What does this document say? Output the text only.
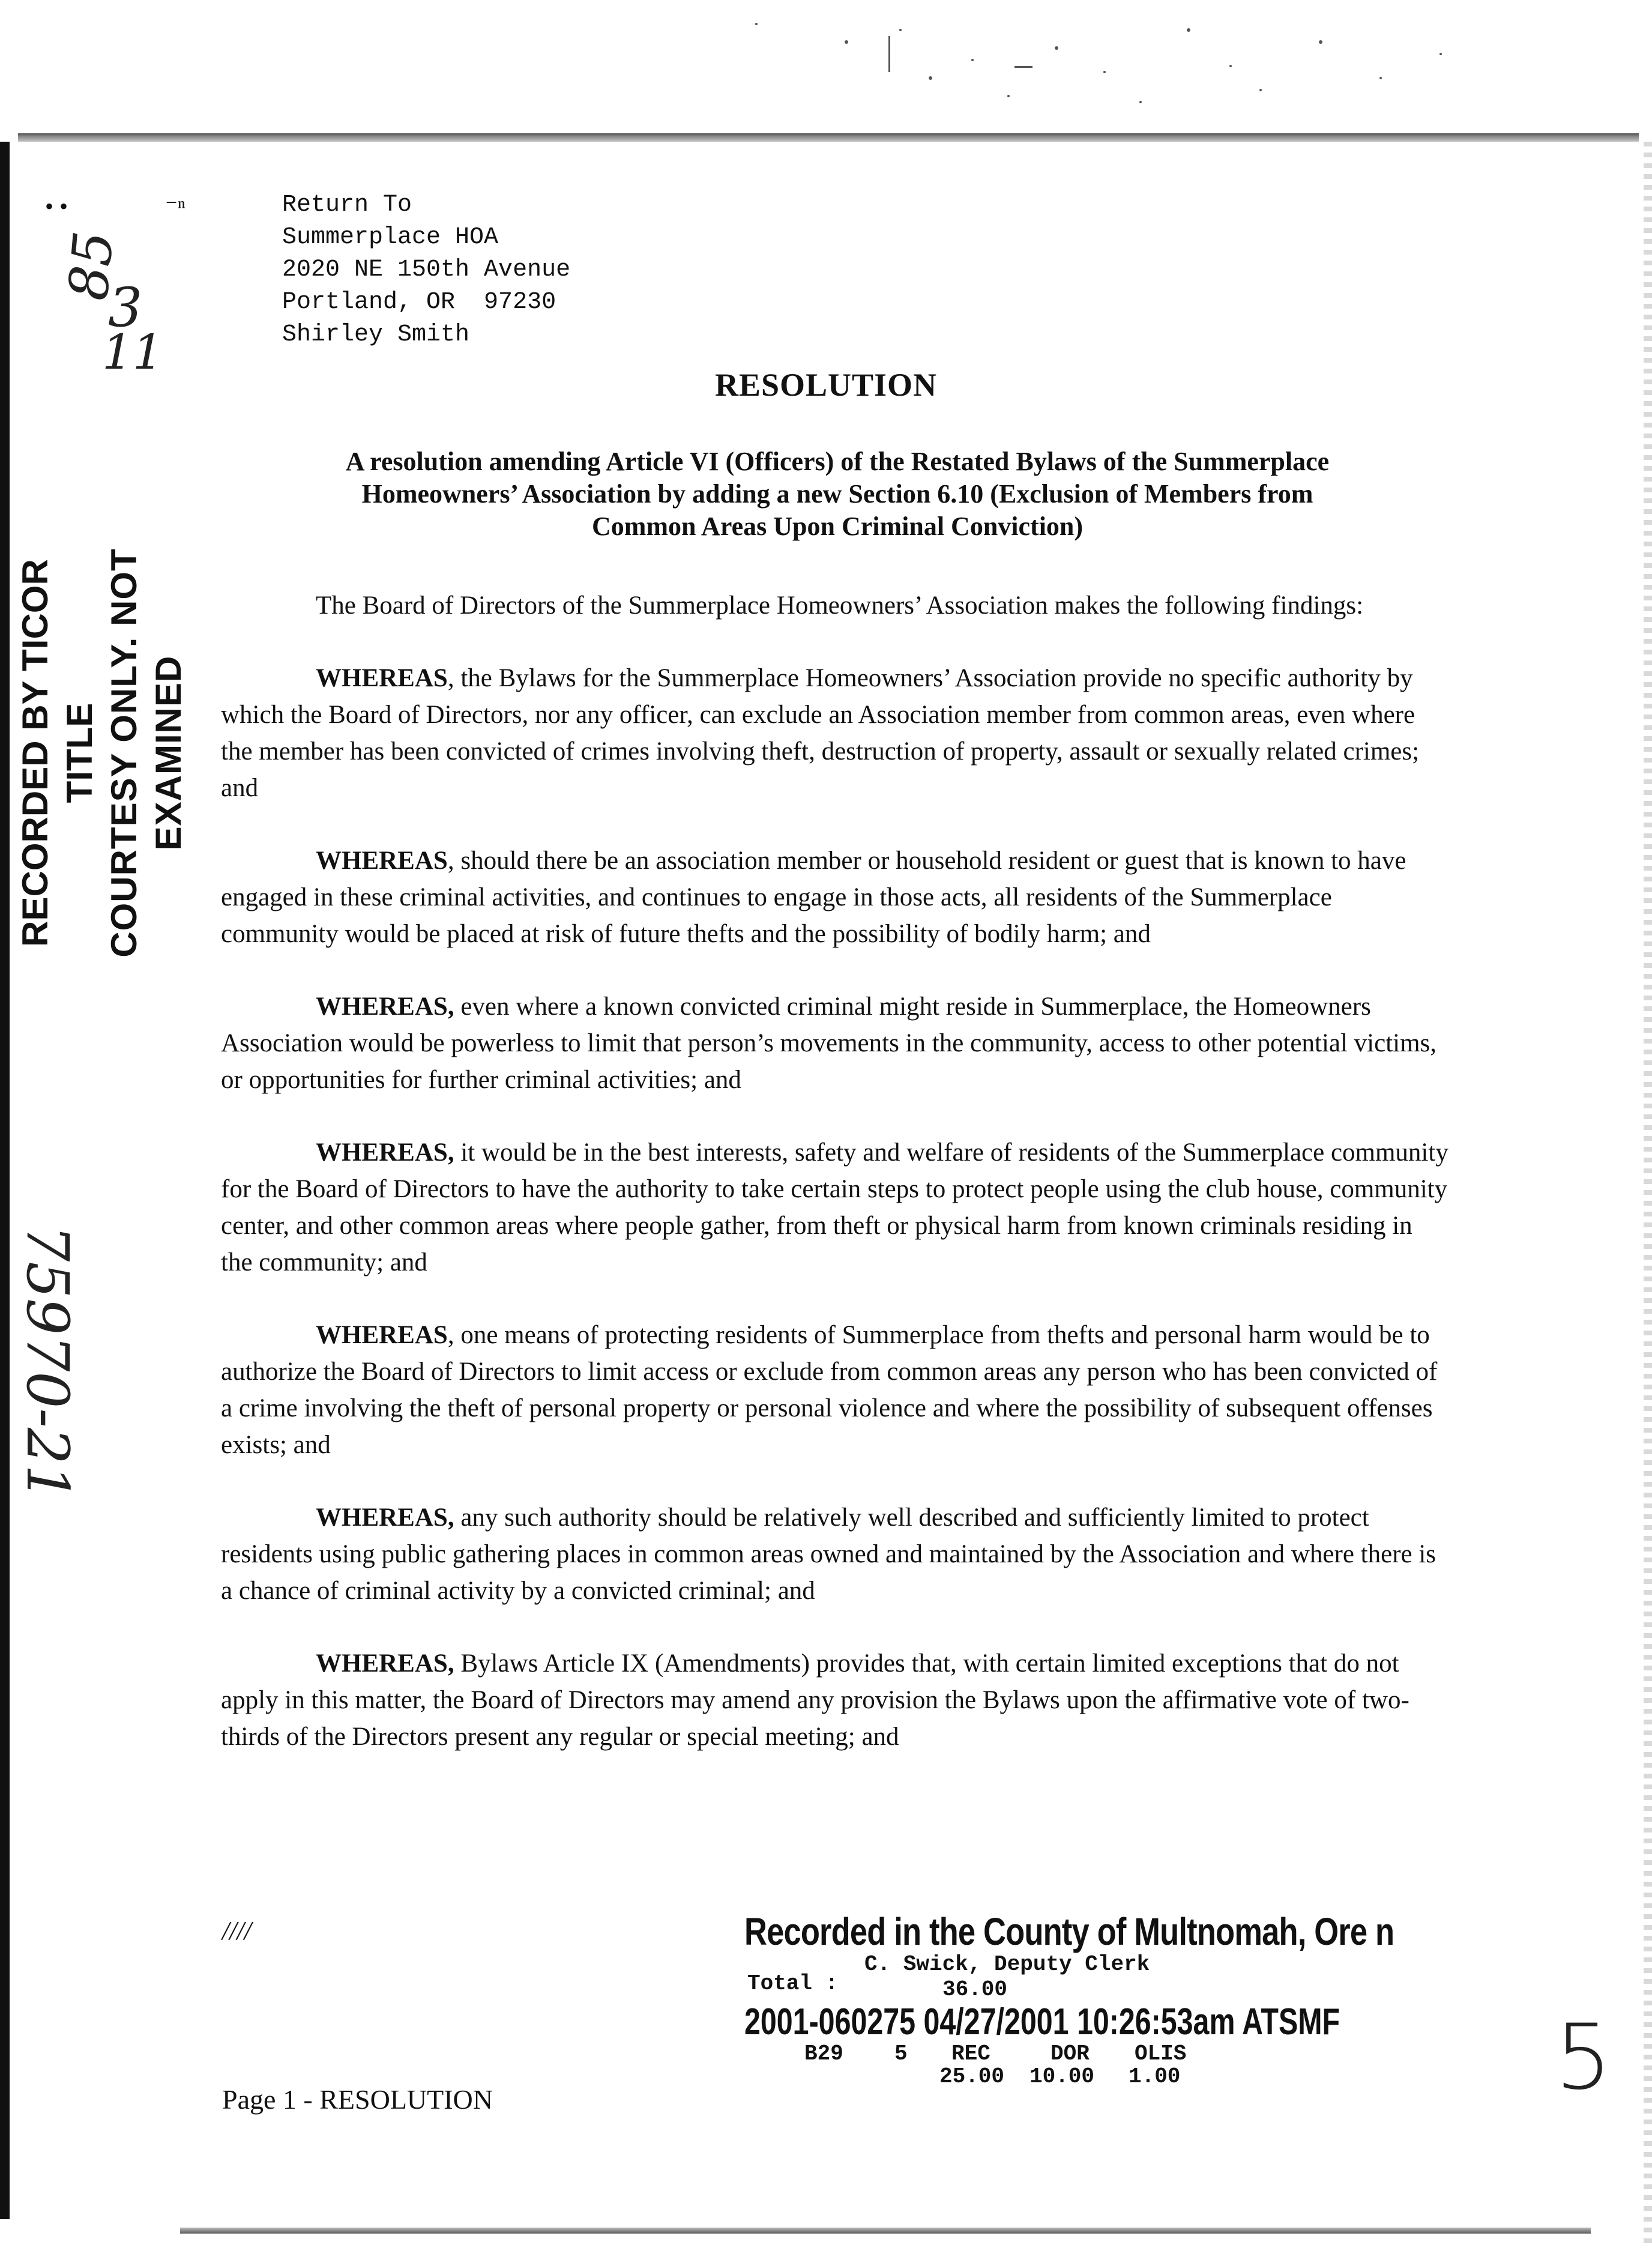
• •	⁻ⁿ	Return To
Summerplace HOA
2020 NE 150th Avenue
Portland, OR  97230
Shirley Smith
RESOLUTION
A resolution amending Article VI (Officers) of the Restated Bylaws of the Summerplace
Homeowners’ Association by adding a new Section 6.10 (Exclusion of Members from
Common Areas Upon Criminal Conviction)

The Board of Directors of the Summerplace Homeowners’ Association makes the following findings:

WHEREAS, the Bylaws for the Summerplace Homeowners’ Association provide no specific authority by which the Board of Directors, nor any officer, can exclude an Association member from common areas, even where the member has been convicted of crimes involving theft, destruction of property, assault or sexually related crimes; and

WHEREAS, should there be an association member or household resident or guest that is known to have engaged in these criminal activities, and continues to engage in those acts, all residents of the Summerplace community would be placed at risk of future thefts and the possibility of bodily harm; and

WHEREAS, even where a known convicted criminal might reside in Summerplace, the Homeowners Association would be powerless to limit that person’s movements in the community, access to other potential victims, or opportunities for further criminal activities; and

WHEREAS, it would be in the best interests, safety and welfare of residents of the Summerplace community for the Board of Directors to have the authority to take certain steps to protect people using the club house, community center, and other common areas where people gather, from theft or physical harm from known criminals residing in the community; and

WHEREAS, one means of protecting residents of Summerplace from thefts and personal harm would be to authorize the Board of Directors to limit access or exclude from common areas any person who has been convicted of a crime involving the theft of personal property or personal violence and where the possibility of subsequent offenses exists; and

WHEREAS, any such authority should be relatively well described and sufficiently limited to protect residents using public gathering places in common areas owned and maintained by the Association and where there is a chance of criminal activity by a convicted criminal; and

WHEREAS, Bylaws Article IX (Amendments) provides that, with certain limited exceptions that do not apply in this matter, the Board of Directors may amend any provision the Bylaws upon the affirmative vote of two-thirds of the Directors present any regular or special meeting; and

////
Page 1 - RESOLUTION
RECORDED BY TICOR TITLE COURTESY ONLY. NOT EXAMINED
85
3
11
75970-21
5
Recorded in the County of Multnomah, Ore n
C. Swick, Deputy Clerk
Total :	36.00
2001-060275 04/27/2001 10:26:53am ATSMF
B29 5 REC	DOR OLIS
25.00 10.00 1.00
